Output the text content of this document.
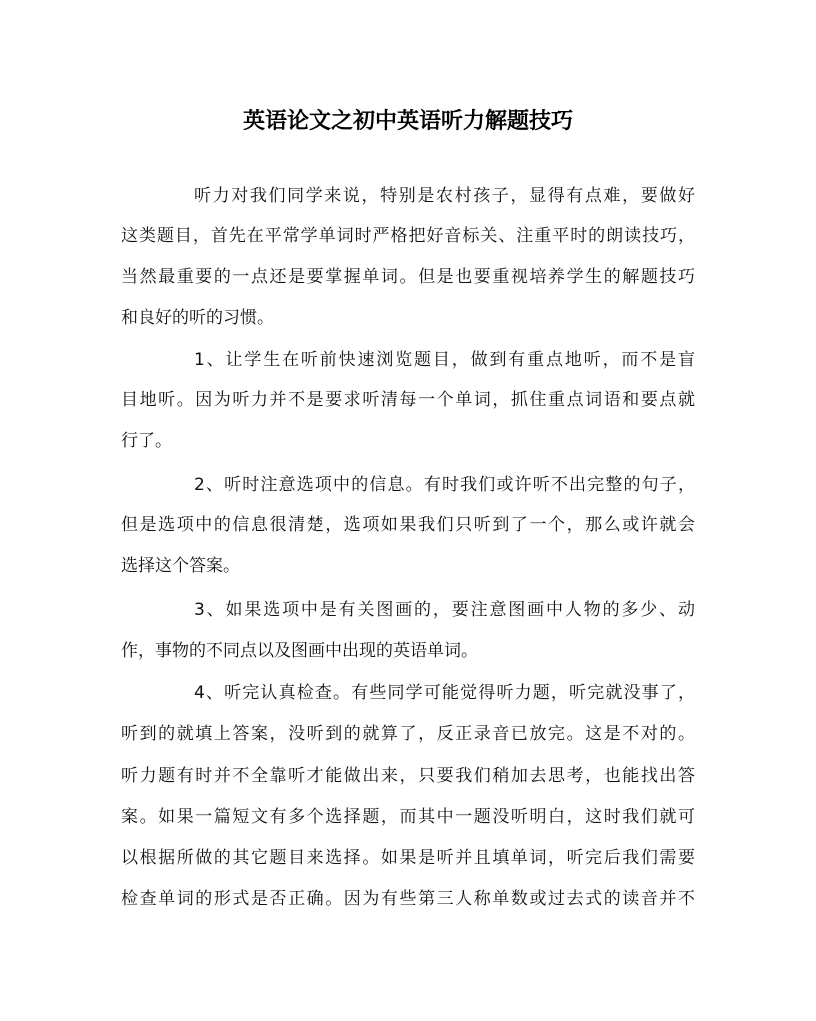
英语论文之初中英语听力解题技巧
听力对我们同学来说，特别是农村孩子，显得有点难，要做好
这类题目，首先在平常学单词时严格把好音标关、注重平时的朗读技巧，
当然最重要的一点还是要掌握单词。但是也要重视培养学生的解题技巧
和良好的听的习惯。
1、让学生在听前快速浏览题目，做到有重点地听，而不是盲
目地听。因为听力并不是要求听清每一个单词，抓住重点词语和要点就
行了。
2、听时注意选项中的信息。有时我们或许听不出完整的句子，
但是选项中的信息很清楚，选项如果我们只听到了一个，那么或许就会
选择这个答案。
3、如果选项中是有关图画的，要注意图画中人物的多少、动
作，事物的不同点以及图画中出现的英语单词。
4、听完认真检查。有些同学可能觉得听力题，听完就没事了，
听到的就填上答案，没听到的就算了，反正录音已放完。这是不对的。
听力题有时并不全靠听才能做出来，只要我们稍加去思考，也能找出答
案。如果一篇短文有多个选择题，而其中一题没听明白，这时我们就可
以根据所做的其它题目来选择。如果是听并且填单词，听完后我们需要
检查单词的形式是否正确。因为有些第三人称单数或过去式的读音并不
